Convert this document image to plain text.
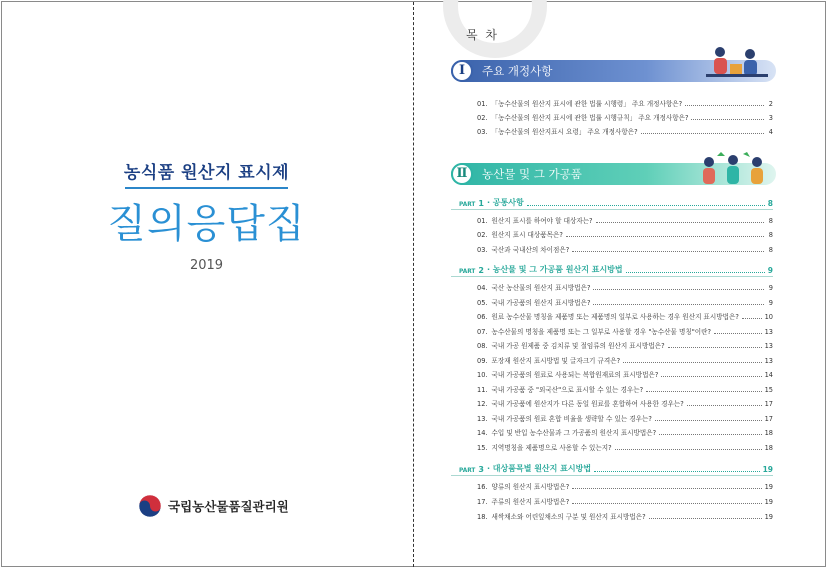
농식품 원산지 표시제
질의응답집
2019
국립농산물품질관리원
목 차
Ⅰ	주요 개정사항
01. 「농수산물의 원산지 표시에 관한 법률 시행령」 주요 개정사항은?	2
02. 「농수산물의 원산지 표시에 관한 법률 시행규칙」 주요 개정사항은?	3
03. 「농수산물의 원산지표시 요령」 주요 개정사항은?	4
Ⅱ	농산물 및 그 가공품
PART 1 · 공통사항	8
01. 원산지 표시를 하여야 할 대상자는?	8
02. 원산지 표시 대상품목은?	8
03. 국산과 국내산의 차이점은?	8
PART 2 · 농산물 및 그 가공품 원산지 표시방법	9
04. 국산 농산물의 원산지 표시방법은?	9
05. 국내 가공품의 원산지 표시방법은?	9
06. 원료 농수산물 명칭을 제품명 또는 제품명의 일부로 사용하는 경우 원산지 표시방법은?	10
07. 농수산물의 명칭을 제품명 또는 그 일부로 사용할 경우 "농수산물 명칭"이란?	13
08. 국내 가공 원제품 중 김치류 및 절임류의 원산지 표시방법은?	13
09. 포장재 원산지 표시방법 및 글자크기 규격은?	13
10. 국내 가공품의 원료로 사용되는 복합원재료의 표시방법은?	14
11. 국내 가공품 중 "외국산"으로 표시할 수 있는 경우는?	15
12. 국내 가공품에 원산지가 다른 동일 원료를 혼합하여 사용한 경우는?	17
13. 국내 가공품의 원료 혼합 비율을 생략할 수 있는 경우는?	17
14. 수입 및 반입 농수산물과 그 가공품의 원산지 표시방법은?	18
15. 지역명칭을 제품명으로 사용할 수 있는지?	18
PART 3 · 대상품목별 원산지 표시방법	19
16. 양류의 원산지 표시방법은?	19
17. 주류의 원산지 표시방법은?	19
18. 새싹채소와 어린잎채소의 구분 및 원산지 표시방법은?	19
